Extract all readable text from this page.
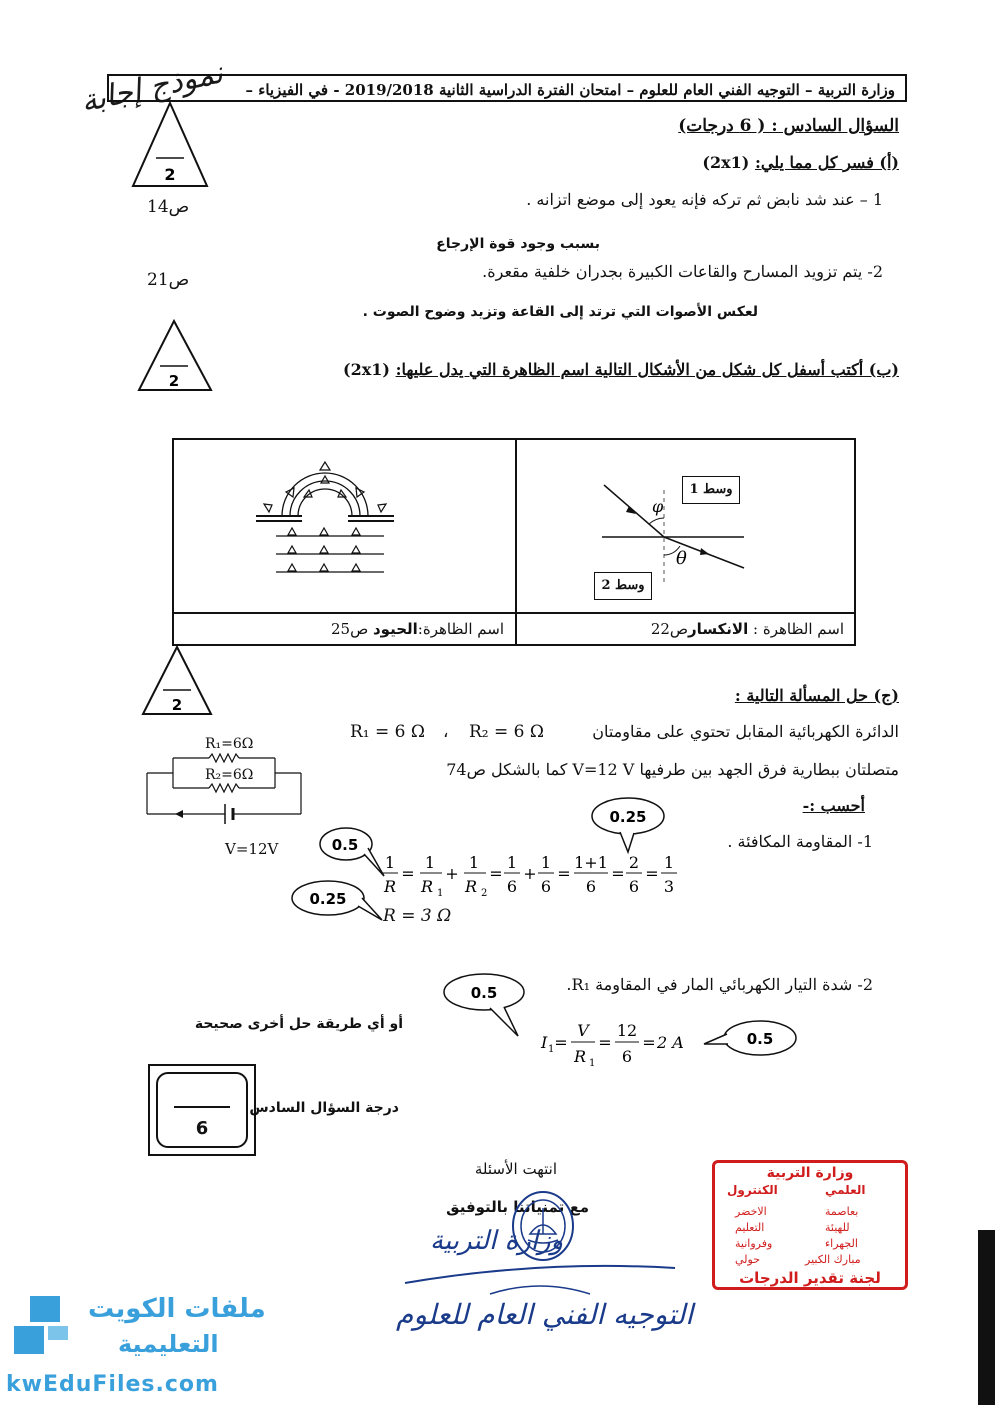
نموذج إجابة	وزارة التربية – التوجيه الفني العام للعلوم – امتحان الفترة الدراسية الثانية 2019/2018 - في الفيزياء –
السؤال السادس : ( 6 درجات)
2
(أ) فسر كل مما يلي: (2x1)
ص14	1 – عند شد نابض ثم تركه فإنه يعود إلى موضع اتزانه .
بسبب وجود قوة الإرجاع
ص21	2- يتم تزويد المسارح والقاعات الكبيرة بجدران خلفية مقعرة.
لعكس الأصوات التي ترتد إلى القاعة وتزيد وضوح الصوت .
2
(ب) أكتب أسفل كل شكل من الأشكال التالية اسم الظاهرة التي يدل عليها: (2x1)
φ
θ
وسط 1
وسط 2
اسم الظاهرة : الانكسارص22
اسم الظاهرة:الحيود ص25
2	(ج) حل المسألة التالية :
الدائرة الكهربائية المقابل تحتوي على مقاومتان
R₂ = 6 Ω
،
R₁ = 6 Ω
متصلتان ببطارية فرق الجهد بين طرفيها V=12 V كما بالشكل ص74
أحسب :-
R₁=6Ω
R₂=6Ω
V=12V	1- المقاومة المكافئة .
0.25
0.5
1
R
=
1
R 1
+
1
R 2
=
1
6
+
1
6
=
1+1
6
=
2
6
=
1
3
0.25
R = 3 Ω
2- شدة التيار الكهربائي المار في المقاومة R₁.
0.5
أو أي طريقة حل أخرى صحيحة
I 1 =
V
R 1
=
12
6
= 2 A	0.5
6
درجة السؤال السادس
انتهت الأسئلة
مع تمنياتنا بالتوفيق
وزارة التربية
التوجيه الفني العام للعلوم
وزارة التربية
الكنترول	العلمي
الاخضر	بعاصمة
التعليم	للهيئة
وفروانية	الجهراء
حولي	مبارك الكبير
لجنة تقدير الدرجات
ملفات الكويت
التعليمية
kwEduFiles.com
